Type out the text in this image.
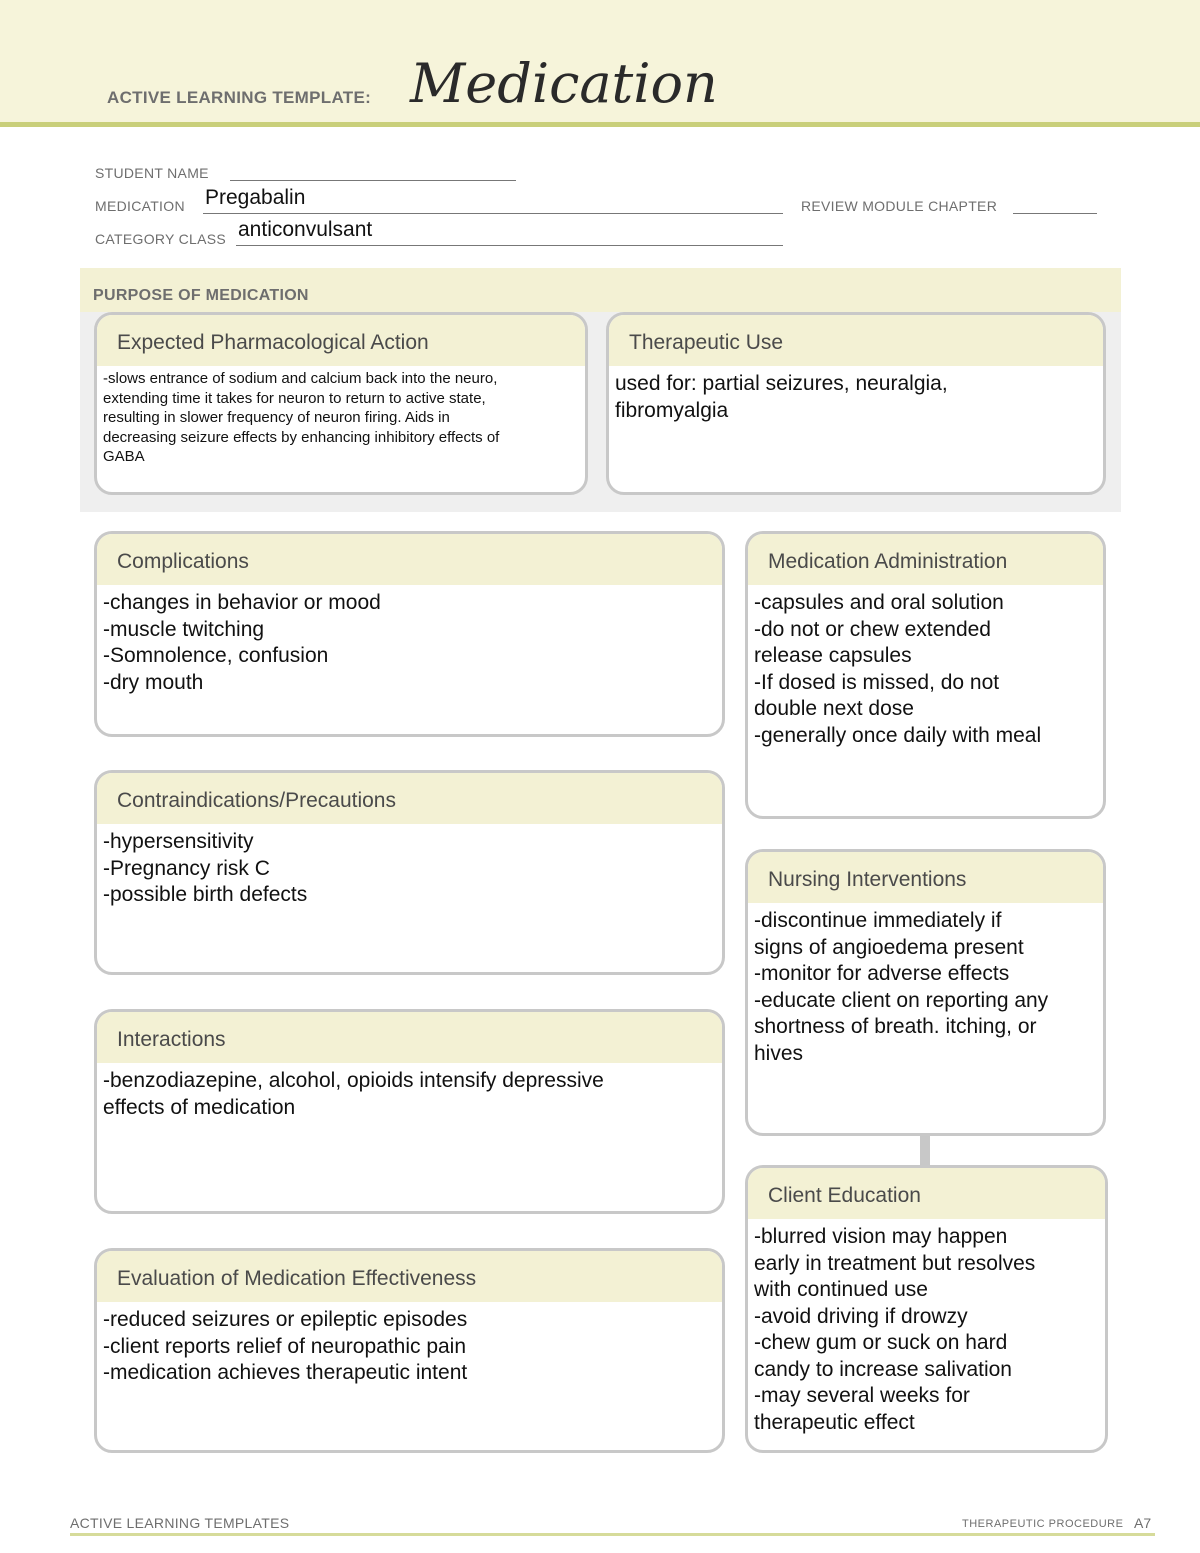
ACTIVE LEARNING TEMPLATE: Medication
STUDENT NAME
MEDICATION Pregabalin	REVIEW MODULE CHAPTER
CATEGORY CLASS anticonvulsant
PURPOSE OF MEDICATION
Expected Pharmacological Action
-slows entrance of sodium and calcium back into the neuro,
extending time it takes for neuron to return to active state,
resulting in slower frequency of neuron firing. Aids in
decreasing seizure effects by enhancing inhibitory effects of
GABA
Therapeutic Use
used for: partial seizures, neuralgia,
fibromyalgia
Complications
-changes in behavior or mood
-muscle twitching
-Somnolence, confusion
-dry mouth
Contraindications/Precautions
-hypersensitivity
-Pregnancy risk C
-possible birth defects
Interactions
-benzodiazepine, alcohol, opioids intensify depressive
effects of medication
Evaluation of Medication Effectiveness
-reduced seizures or epileptic episodes
-client reports relief of neuropathic pain
-medication achieves therapeutic intent
Medication Administration
-capsules and oral solution
-do not or chew extended
release capsules
-If dosed is missed, do not
double next dose
-generally once daily with meal
Nursing Interventions
-discontinue immediately if
signs of angioedema present
-monitor for adverse effects
-educate client on reporting any
shortness of breath. itching, or
hives
Client Education
-blurred vision may happen
early in treatment but resolves
with continued use
-avoid driving if drowzy
-chew gum or suck on hard
candy to increase salivation
-may several weeks for
therapeutic effect
ACTIVE LEARNING TEMPLATES	THERAPEUTIC PROCEDURE A7
